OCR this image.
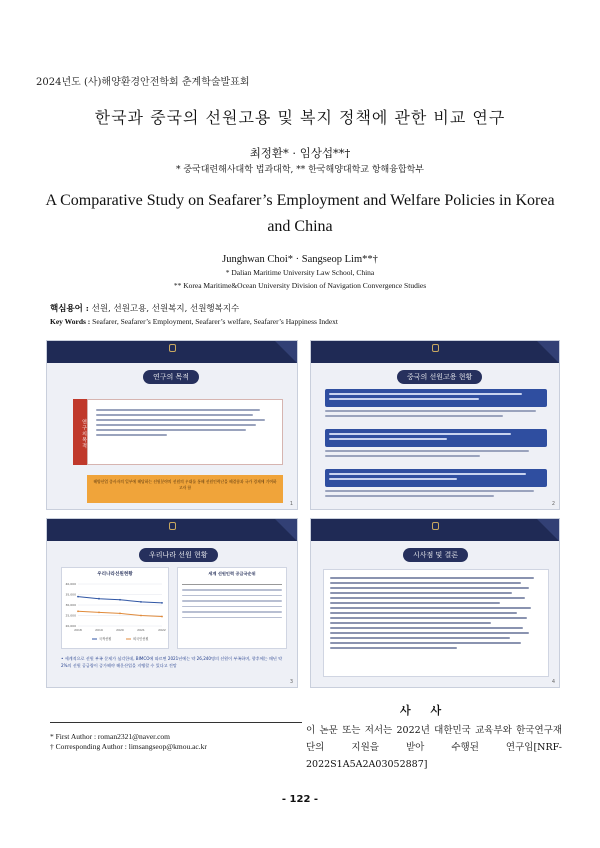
2024년도 (사)해양환경안전학회 춘계학술발표회
한국과 중국의 선원고용 및 복지 정책에 관한 비교 연구
최정환* · 임상섭**†
* 중국대련해사대학 법과대학, ** 한국해양대학교 항해융합학부
A Comparative Study on Seafarer’s Employment and Welfare Policies in Korea and China
Junghwan Choi* · Sangseop Lim**†
* Dalian Maritime University Law School, China
** Korea Maritime&Ocean University Division of Navigation Convergence Studies
핵심용어 : 선원, 선원고용, 선원복지, 선원행복지수
Key Words : Seafarer, Seafarer’s Employment, Seafarer’s welfare, Seafarer’s Happiness Indext
연구의 목적
연구의목적
해양산업 종사자의 일부에 해당하는 선원분야의 선원의 우대를 통해 선원인력난을 해결함과 국가 경제에 기여하고자 함
1
중국의 선원고용 현황
2
우리나라 선원 현황
우리나라선원현황
20,000
25,000
30,000
35,000
40,000
2018	2019	2020	2021	2022
국적선원	외국인선원
세계 선원인력 공급국순위
• 세계적으로 선원 부족 문제가 심각한데, BIMCO에 따르면 2021년에는 약 26,240명의 선원이 부족하며, 향후에는 매년 약 2%의 선원 공급량이 증가해야 해운산업을 지탱할 수 있다고 전망
3
시사점 및 결론
4
* First Author : roman2321@naver.com
† Corresponding Author : limsangseop@kmou.ac.kr
사 사
이 논문 또는 저서는 2022년 대한민국 교육부와 한국연구재단의 지원을 받아 수행된 연구임[NRF-2022S1A5A2A03052887]
- 122 -
